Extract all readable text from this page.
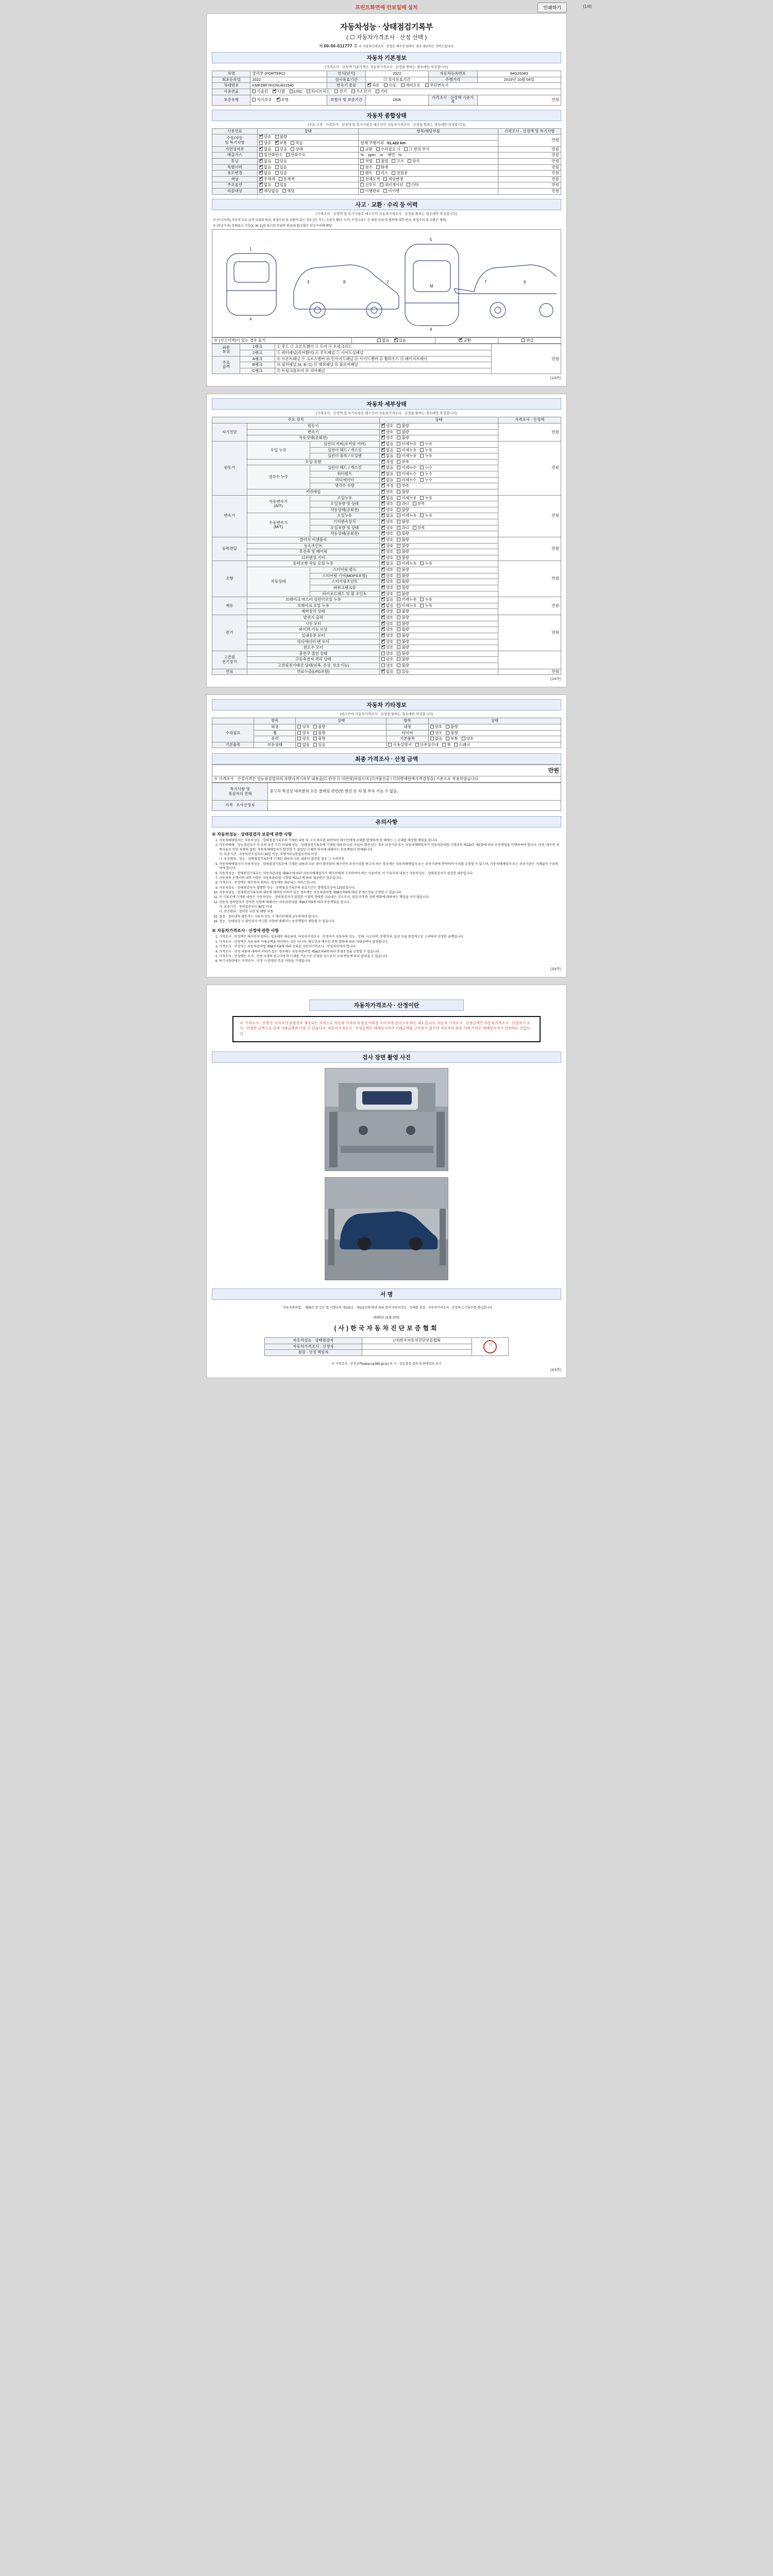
프린트화면에 안보일때 설치	인쇄하기	(1/4)
자동차성능 · 상태점검기록부
( ☐ 자동차가격조사 · 산정 선택 )
제 00-00-011777 호 ※ 자동차가격조사 · 산정은 매수인 원하는 경우 제공하는 서비스입니다.
자동차 기본정보
(가격조사 · 산정액 기준가격은 자동차가격조사 · 산정을 원하는 경우에만 작성합니다)
차명	말리부 (PORTER2)	연식(년식)	2022	자동차등록번호	84G26383
최초등록일	2022	검사유효기간	☐ 검사유효기간	주행거리	2019년 10월 09일
차대번호	KMFZBF7KCNU431540	변속기 종류	✔자동 수동 세미오토 무단변속기
사용연료	가솔린 ✔ 디젤 LPG 하이브리드 전기 수소전기 기타
보증유형	자가보증 ✔ 보험	보험사 및 보증기간	DKB	가격조사 · 산정액 기준가격	만원
자동차 종합상태
(주요 고장 · 가격조사 · 산정액 및 특기사항은 매수인이 자동차가격조사 · 산정을 원하는 경우에만 작성합니다)
사용연료	상태	항목/해당부품	가격조사 · 산정액 및 특기사항
수동/자동
및 특기사항	✔양호 불량		만원
	양호 ✔ 보통 적음	현재 주행거리   51,422 km	
가연성여부	✔없음 있음 상태	교환 수리필요 시 그 밖의 부식	만원
배출가스	일산화탄소 탄화수소	%    ppm    m    매연   %	만원
튜닝	✔없음 있음	적법 불법 구조 장치	만원
특별이력	✔없음 있음	침수 화재	만원
용도변경	✔없음 있음	렌트 리스 영업용	만원
색상	✔무채색 유채색	전체도색 색상변경	만원
주요옵션	✔없음 있음	선루프 내비게이션 기타	만원
리콜대상	✔해당없음 해당	이행완료 미이행	만원
사고 · 교환 · 수리 등 이력
(가격조사 · 산정액 및 특기사항은 매수인이 자동차가격조사 · 산정을 원하는 경우에만 작성합니다)
※ (사고이력) 자동차 주요 골격 부위의 판금, 용접수리 및 교환이 있는 경우 (단, 후드, 프론트 휀더, 도어, 트렁크리드 등 외판 부위 및 범퍼에 대한 판금, 용접수리 및 교환은 제외)
※ (단순수리) 상태표시 기호(X, W, C)로 표시된 부위의 판금/용접/교환은 단순수리에 해당
1
4
8
3	2
5
M
4
6
7
※ (사고이력)이 있는 경우 표기	없음 ✔ 있음	✔교환	판금
외판
부위	1랭크	① 후드 ② 프론트휀더 ③ 도어 ④ 트렁크리드	만원
	2랭크	⑤ 쿼터패널(리어휀더) ⑥ 루프패널 ⑦ 사이드실패널	
주요
골격	A랭크	⑧ 프론트패널 ⑨ 크로스멤버 ⑩ 인사이드패널 ⑪ 사이드멤버 ⑫ 휠하우스 ⑬ 패키지트레이	
	B랭크	⑭ 필러패널 (A, B, C) ⑮ 대쉬패널 ⑯ 플로어패널	
	C랭크	⑰ 트렁크플로어 ⑱ 리어패널	
(1/4쪽)
자동차 세부상태
(가격조사 · 산정액 및 특기사항은 매수인이 자동차가격조사 · 산정을 원하는 경우에만 작성합니다)
주요 장치			상태	가격조사 · 산정액
자기진단	원동기	✔양호 불량	만원
	변속기	✔양호 불량
	작동상태(공회전)	✔양호 불량
원동기	오일 누유	실린더 커버(로커암 커버)	✔없음 미세누유 누유	만원
		실린더 헤드 / 개스킷	✔없음 미세누유 누유
		실린더 블록 / 오일팬	✔없음 미세누유 누유
	오일 유량	✔적정 부족
	냉각수 누수	실린더 헤드 / 개스킷	✔없음 미세누수 누수
		워터펌프	✔없음 미세누수 누수
		라디에이터	✔없음 미세누수 누수
		냉각수 수량	✔적정 부족
	커먼레일	✔양호 불량
변속기	자동변속기
(A/T)	오일누유	✔없음 미세누유 누유	만원
		오일유량 및 상태	✔양호 과다 부족
		작동상태(공회전)	✔양호 불량
	수동변속기
(M/T)	오일누유	✔없음 미세누유 누유
		기어변속장치	✔양호 불량
		오일유량 및 상태	✔양호 과다 부족
		작동상태(공회전)	✔양호 불량
동력전달	클러치 어셈블리	✔양호 불량	만원
	등속조인트	✔양호 불량
	추진축 및 베어링	✔양호 불량
	디퍼렌셜 기어	✔양호 불량
조향	동력조향 작동 오일 누유	✔없음 미세누유 누유	만원
	작동상태	스티어링 펌프	✔양호 불량
		스티어링 기어(MDPS포함)	✔양호 불량
		스티어링조인트	✔양호 불량
		파워크랭크암	✔양호 불량
		타이로드엔드 및 볼 조인트	✔양호 불량
제동	브레이크 마스터 실린더오일 누유	✔없음 미세누유 누유	만원
	브레이크 오일 누유	✔없음 미세누유 누유
	배력장치 상태	✔양호 불량
전기	발전기 출력	✔양호 불량	만원
	시동 모터	✔양호 불량
	와이퍼 기능 이상	✔양호 불량
	실내송풍 모터	✔양호 불량
	라디에이터 팬 모터	✔양호 불량
	윈도우 모터	✔양호 불량
고전원
전기장치	충전구 절연 상태		양호 불량	
	구동축전지 격리 상태		양호 불량	
	고전원전기배선 상태(피복, 손상, 보호기능)		양호 불량	
연료	연료누출(LPG포함)	✔없음 있음	만원
(2/4쪽)
자동차 기타정보
(매수인이 자동차가격조사 · 산정을 원하는 경우에만 작성합니다)
	항목	상태	항목	상태
수리필요	외장	양호 불량	내장	양호 불량
	휠	양호 불량	타이어	양호 불량
	유리	양호 불량	기본품목	없음 보통 양호
기본품목	보유상태	없음 있음	사용설명서 안전삼각대 잭 스패너	
최종 가격조사 · 산정 금액
만원
※ 가격조사 · 산정가격은 성능점검업자의 차량가격기록부 내용을(☐ 반영 ☐ 미반영)하였으며 (☐가불산출 / ☐차량재판매가격결정을) 기준으로 적용하였습니다.
특기사항 및
점검자의 견해	중고차 특성상 대부분의 모든 클레임 관련(현 엔진 등 차 및 부속 기능 수 없음.
가격 · 조사산정자	
유의사항
※ 자동차성능 · 상태점검자 보증에 관한 사항
1. 자동차매매업자는 자동차성능 · 상태점검기록부의 기재된 내용 및 고지 의무를 위반하여 매수인에게 손해를 발생하게 한 때에는 그 손해를 배상할 책임을 집니다.
2. 자동차매매 · 성능점검자가 각 호의 보증 기간 이내에 성능 · 상태점검기록부에 기재된 내용과 다른 사실이 발견 되는 경우 보증기관 또는 자동차매매업자가 자동차관리법 시행규칙 제120조 제1항에 따라 보증책임을 이행하여야 합니다. 다만, 매수인 귀책사유로 인한 차량의 결함, 자동차매매업자가 발견할 수 없었던 은폐된 하자에 대해서는 보증책임이 면제됩니다.
가. 보증기간 : 자동차인도일부터 30일 이상, 주행거리 2천킬로미터 이상
나. 보증범위 : 성능 · 상태점검기록부에 기재된 내용과 다른 내용이 발견된 경우 그 수리비용
5. 자동차매매업자가 자동차성능 · 상태점검기록부에 기재된 내용과 다른 점이 발견되어 매수인이 보증수리를 받고자 하는 경우에는 자동차매매업자 또는 보증기관에 연락하여 수리를 요청할 수 있으며, 자동차매매업자 또는 보증기관은 지체없이 수리하여야 합니다.
6. 자동차성능 · 상태점검기록부는 자동차관리법 제58조에 따라 자동차매매업자가 매수인에게 고지하여야 하는 서류이며, 이 기록부의 내용은 자동차성능 · 상태점검자가 점검한 내용입니다.
7. 자동차의 운행이력 내역 사항은 자동차관리법 시행령 제21조에 따라 제공받은 정보입니다.
8. 가격조사 · 산정액은 매수인이 원하는 경우에만 제공되는 서비스입니다.
9. 자동차성능 · 상태점검자가 발행한 성능 · 상태점검기록부의 유효기간은 발행일로부터 120일입니다.
10. 자동차성능 · 상태점검기록부의 내용에 대하여 이의가 있는 경우에는 자동차관리법 제58조의4에 따라 분쟁조정을 신청할 수 있습니다.
11. 이 기록부에 기재된 내용은 자동차성능 · 상태점검자가 점검한 시점의 상태를 나타내는 것으로서, 점검 이후의 상태 변화에 대하여는 책임을 지지 않습니다.
12. 자동차 정비업자가 정비한 사항에 대해서는 자동차관리법 제58조의5에 따라 보증책임을 집니다.
가. 보증기간 : 정비일로부터 90일 이내
나. 보증범위 : 정비한 부분 및 해당 부품
15. 점검 · 정비내역 확인서는 자동차 인도 시 매수인에게 교부하여야 합니다.
16. 성능 · 상태점검 시 확인되지 아니한 사항에 대해서는 보증책임이 제한될 수 있습니다.
※ 자동차가격조사 · 산정에 관한 사항
1. 가격조사 · 산정액은 매수인이 원하는 경우에만 제공되며, 자동차가격조사 · 산정자가 자동차의 성능 · 상태, 사고이력, 주행거리, 옵션 등을 종합적으로 고려하여 산정한 금액입니다.
2. 가격조사 · 산정액은 자동차의 거래금액을 의미하는 것은 아니며, 매도인과 매수인 간의 합의에 따라 거래금액이 결정됩니다.
3. 가격조사 · 산정자는 자동차관리법 제58조의4에 따라 등록된 자동차가격조사 · 산정자이어야 합니다.
4. 가격조사 · 산정 내용에 대하여 이의가 있는 경우에는 자동차관리법 제58조의4에 따라 분쟁조정을 신청할 수 있습니다.
5. 가격조사 · 산정액은 조사 · 산정 시점의 중고자동차 시세를 기준으로 산정된 것으로서 시세 변동에 따라 달라질 수 있습니다.
6. 특기사항란에는 가격조사 · 산정 시 반영된 주요 사항을 기재합니다.
(3/4쪽)
자동차가격조사 · 산정이란
※ '가격조사 · 산정'은 소비자가 원할경우 제공되는 서비스로 자동차 가격의 적정성 여부를 소비자에 알리고자 하는 제도입니다. 자동차 가격조사 · 산정금액은 자동차가격조사 · 산정자가 조사 · 산정한 금액으로 실제 거래금액과 다를 수 있습니다. 자동차가격조사 · 산정금액은 매매당사자간 거래금액을 구속하지 않으며 자동차의 최종 거래 가격은 매매당사자가 결정하는 것입니다.
검사 장면 촬영 사진
서 명
「자동차관리법」 제58조 및 같은 법 시행규칙 제120조 · 제121조에 따라 위와 같이 자동차성능 · 상태를 점검 · 자동차가격조사 · 산정하고 기록부를 발급합니다.
2025년 11월 20일
(사)한국자동차진단보증협회
자동차성능 · 상태점검자	(사)한국자동차진단보증협회	인
자동차가격조사 · 산정자		
점검 · 산정 책임자		
※ 가격조사 · 산정금액(www.car365.go.kr) 의 시 · 성능점검 결과 및 판매정보 보기
(4/4쪽)
